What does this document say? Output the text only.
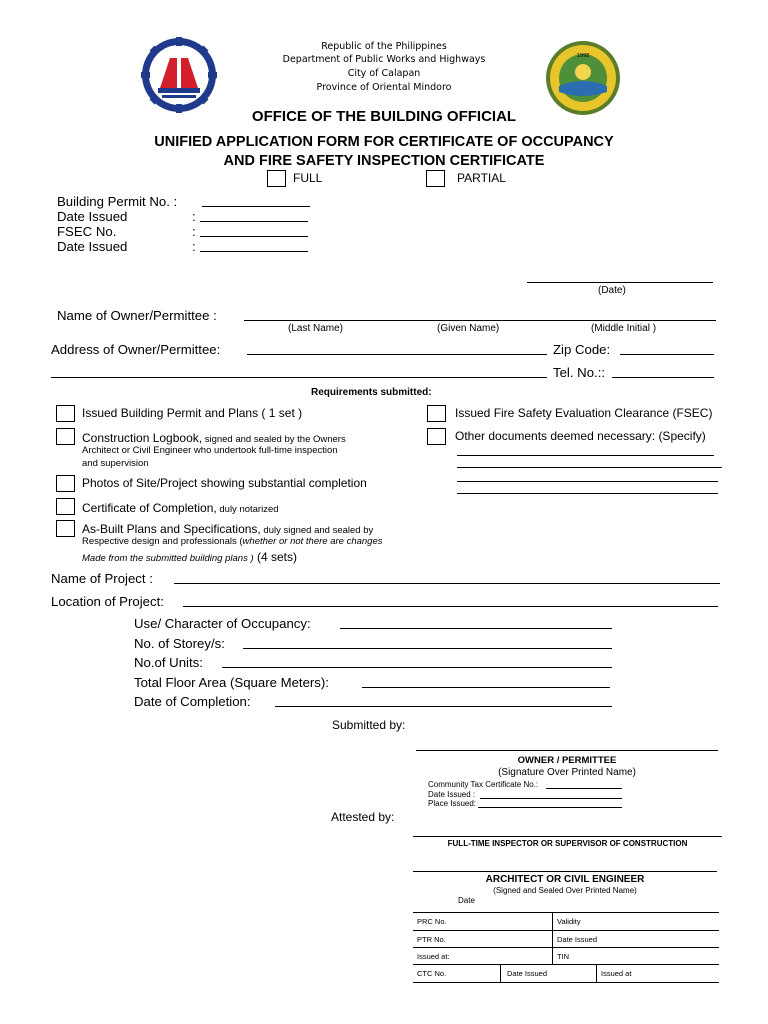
1998
Republic of the Philippines
Department of Public Works and Highways
City of Calapan
Province of Oriental Mindoro
OFFICE OF THE BUILDING OFFICIAL
UNIFIED APPLICATION FORM FOR CERTIFICATE OF OCCUPANCY
AND FIRE SAFETY INSPECTION CERTIFICATE
FULL	PARTIAL
Building Permit No. :
Date Issued	:
FSEC No.	:
Date Issued	:
(Date)
Name of Owner/Permittee :
(Last Name)	(Given Name)	(Middle Initial )
Address of Owner/Permittee:	Zip Code:
Tel. No.::
Requirements submitted:
Issued Building Permit and Plans ( 1 set )
Construction Logbook, signed and sealed by the Owners
Architect or Civil Engineer who undertook full-time inspection
and supervision
Photos of Site/Project showing substantial completion
Certificate of Completion, duly notarized
As-Built Plans and Specifications, duly signed and sealed by
Respective design and professionals (whether or not there are changes
Made from the submitted building plans ) (4 sets)
Issued Fire Safety Evaluation Clearance (FSEC)
Other documents deemed necessary: (Specify)
Name of Project :
Location of Project:
Use/ Character of Occupancy:
No. of Storey/s:
No.of Units:
Total Floor Area (Square Meters):
Date of Completion:
Submitted by:
OWNER / PERMITTEE
(Signature Over Printed Name)
Community Tax Certificate No.:
Date Issued :
Place Issued:
Attested by:
FULL-TIME INSPECTOR OR SUPERVISOR OF CONSTRUCTION
ARCHITECT OR CIVIL ENGINEER
(Signed and Sealed Over Printed Name)
Date
PRC No.	Validity
PTR No.	Date Issued
Issued at:	TIN
CTC No.	Date Issued	Issued at
